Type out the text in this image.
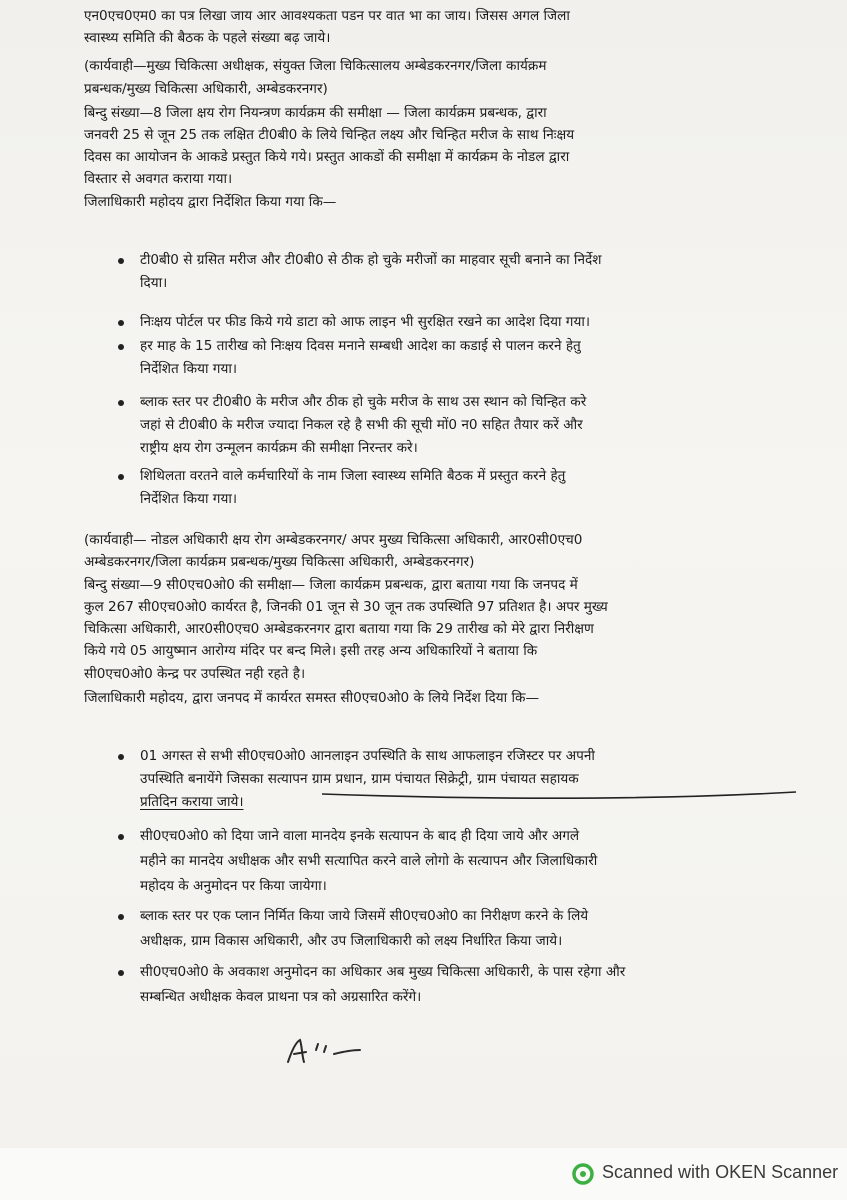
एन0एच0एम0 का पत्र लिखा जाय आर आवश्यकता पडन पर वात भा का जाय। जिसस अगल जिला

स्वास्थ्य समिति की बैठक के पहले संख्या बढ़ जाये।

(कार्यवाही—मुख्य चिकित्सा अधीक्षक, संयुक्त जिला चिकित्सालय अम्बेडकरनगर/जिला कार्यक्रम

प्रबन्धक/मुख्य चिकित्सा अधिकारी, अम्बेडकरनगर)

बिन्दु संख्या—8 जिला क्षय रोग नियन्त्रण कार्यक्रम की समीक्षा — जिला कार्यक्रम प्रबन्धक, द्वारा

जनवरी 25 से जून 25 तक लक्षित टी0बी0 के लिये चिन्हित लक्ष्य और चिन्हित मरीज के साथ निःक्षय

दिवस का आयोजन के आकडे प्रस्तुत किये गये। प्रस्तुत आकडों की समीक्षा में कार्यक्रम के नोडल द्वारा

विस्तार से अवगत कराया गया।

जिलाधिकारी महोदय द्वारा निर्देशित किया गया कि—

टी0बी0 से ग्रसित मरीज और टी0बी0 से ठीक हो चुके मरीजों का माहवार सूची बनाने का निर्देश

दिया।

निःक्षय पोर्टल पर फीड किये गये डाटा को आफ लाइन भी सुरक्षित रखने का आदेश दिया गया।

हर माह के 15 तारीख को निःक्षय दिवस मनाने सम्बधी आदेश का कडाई से पालन करने हेतु

निर्देशित किया गया।

ब्लाक स्तर पर टी0बी0 के मरीज और ठीक हो चुके मरीज के साथ उस स्थान को चिन्हित करे

जहां से टी0बी0 के मरीज ज्यादा निकल रहे है सभी की सूची मों0 न0 सहित तैयार करें और

राष्ट्रीय क्षय रोग उन्मूलन कार्यक्रम की समीक्षा निरन्तर करे।

शिथिलता वरतने वाले कर्मचारियों के नाम जिला स्वास्थ्य समिति बैठक में प्रस्तुत करने हेतु

निर्देशित किया गया।

(कार्यवाही— नोडल अधिकारी क्षय रोग अम्बेडकरनगर/ अपर मुख्य चिकित्सा अधिकारी, आर0सी0एच0

अम्बेडकरनगर/जिला कार्यक्रम प्रबन्धक/मुख्य चिकित्सा अधिकारी, अम्बेडकरनगर)

बिन्दु संख्या—9 सी0एच0ओ0 की समीक्षा— जिला कार्यक्रम प्रबन्धक, द्वारा बताया गया कि जनपद में

कुल 267 सी0एच0ओ0 कार्यरत है, जिनकी 01 जून से 30 जून तक उपस्थिति 97 प्रतिशत है। अपर मुख्य

चिकित्सा अधिकारी, आर0सी0एच0 अम्बेडकरनगर द्वारा बताया गया कि 29 तारीख को मेरे द्वारा निरीक्षण

किये गये 05 आयुष्मान आरोग्य मंदिर पर बन्द मिले। इसी तरह अन्य अधिकारियों ने बताया कि

सी0एच0ओ0 केन्द्र पर उपस्थित नही रहते है।

जिलाधिकारी महोदय, द्वारा जनपद में कार्यरत समस्त सी0एच0ओ0 के लिये निर्देश दिया कि—

01 अगस्त से सभी सी0एच0ओ0 आनलाइन उपस्थिति के साथ आफलाइन रजिस्टर पर अपनी

उपस्थिति बनायेंगे जिसका सत्यापन ग्राम प्रधान, ग्राम पंचायत सिक्रेट्री, ग्राम पंचायत सहायक

प्रतिदिन कराया जाये।

सी0एच0ओ0 को दिया जाने वाला मानदेय इनके सत्यापन के बाद ही दिया जाये और अगले

महीने का मानदेय अधीक्षक और सभी सत्यापित करने वाले लोगो के सत्यापन और जिलाधिकारी

महोदय के अनुमोदन पर किया जायेगा।

ब्लाक स्तर पर एक प्लान निर्मित किया जाये जिसमें सी0एच0ओ0 का निरीक्षण करने के लिये

अधीक्षक, ग्राम विकास अधिकारी, और उप जिलाधिकारी को लक्ष्य निर्धारित किया जाये।

सी0एच0ओ0 के अवकाश अनुमोदन का अधिकार अब मुख्य चिकित्सा अधिकारी, के पास रहेगा और

सम्बन्धित अधीक्षक केवल प्राथना पत्र को अग्रसारित करेंगे।

Scanned with OKEN Scanner
